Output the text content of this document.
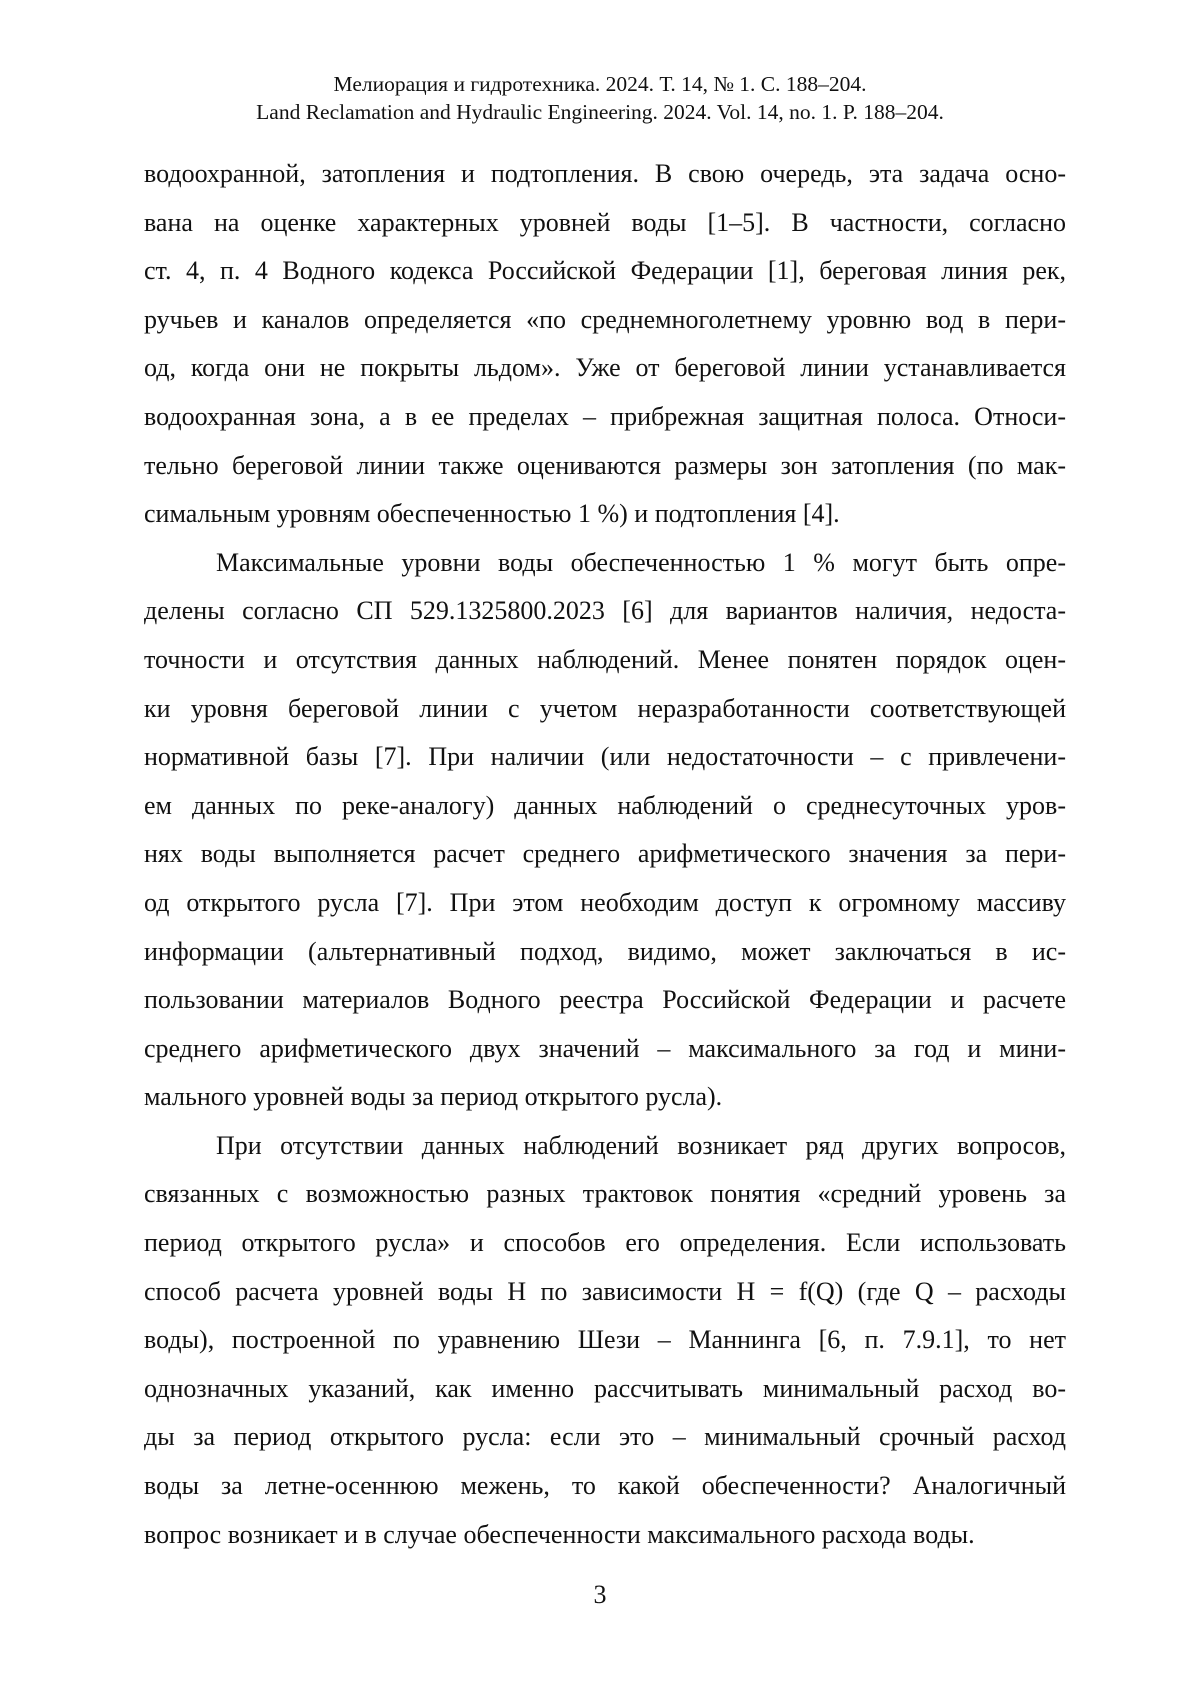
Мелиорация и гидротехника. 2024. Т. 14, № 1. С. 188–204.
Land Reclamation and Hydraulic Engineering. 2024. Vol. 14, no. 1. P. 188–204.
водоохранной, затопления и подтопления. В свою очередь, эта задача осно-
вана на оценке характерных уровней воды [1–5]. В частности, согласно
ст. 4, п. 4 Водного кодекса Российской Федерации [1], береговая линия рек,
ручьев и каналов определяется «по среднемноголетнему уровню вод в пери-
од, когда они не покрыты льдом». Уже от береговой линии устанавливается
водоохранная зона, а в ее пределах – прибрежная защитная полоса. Относи-
тельно береговой линии также оцениваются размеры зон затопления (по мак-
симальным уровням обеспеченностью 1 %) и подтопления [4].
Максимальные уровни воды обеспеченностью 1 % могут быть опре-
делены согласно СП 529.1325800.2023 [6] для вариантов наличия, недоста-
точности и отсутствия данных наблюдений. Менее понятен порядок оцен-
ки уровня береговой линии с учетом неразработанности соответствующей
нормативной базы [7]. При наличии (или недостаточности – с привлечени-
ем данных по реке-аналогу) данных наблюдений о среднесуточных уров-
нях воды выполняется расчет среднего арифметического значения за пери-
од открытого русла [7]. При этом необходим доступ к огромному массиву
информации (альтернативный подход, видимо, может заключаться в ис-
пользовании материалов Водного реестра Российской Федерации и расчете
среднего арифметического двух значений – максимального за год и мини-
мального уровней воды за период открытого русла).
При отсутствии данных наблюдений возникает ряд других вопросов,
связанных с возможностью разных трактовок понятия «средний уровень за
период открытого русла» и способов его определения. Если использовать
способ расчета уровней воды H по зависимости H = f(Q) (где Q – расходы
воды), построенной по уравнению Шези – Маннинга [6, п. 7.9.1], то нет
однозначных указаний, как именно рассчитывать минимальный расход во-
ды за период открытого русла: если это – минимальный срочный расход
воды за летне-осеннюю межень, то какой обеспеченности? Аналогичный
вопрос возникает и в случае обеспеченности максимального расхода воды.
3
